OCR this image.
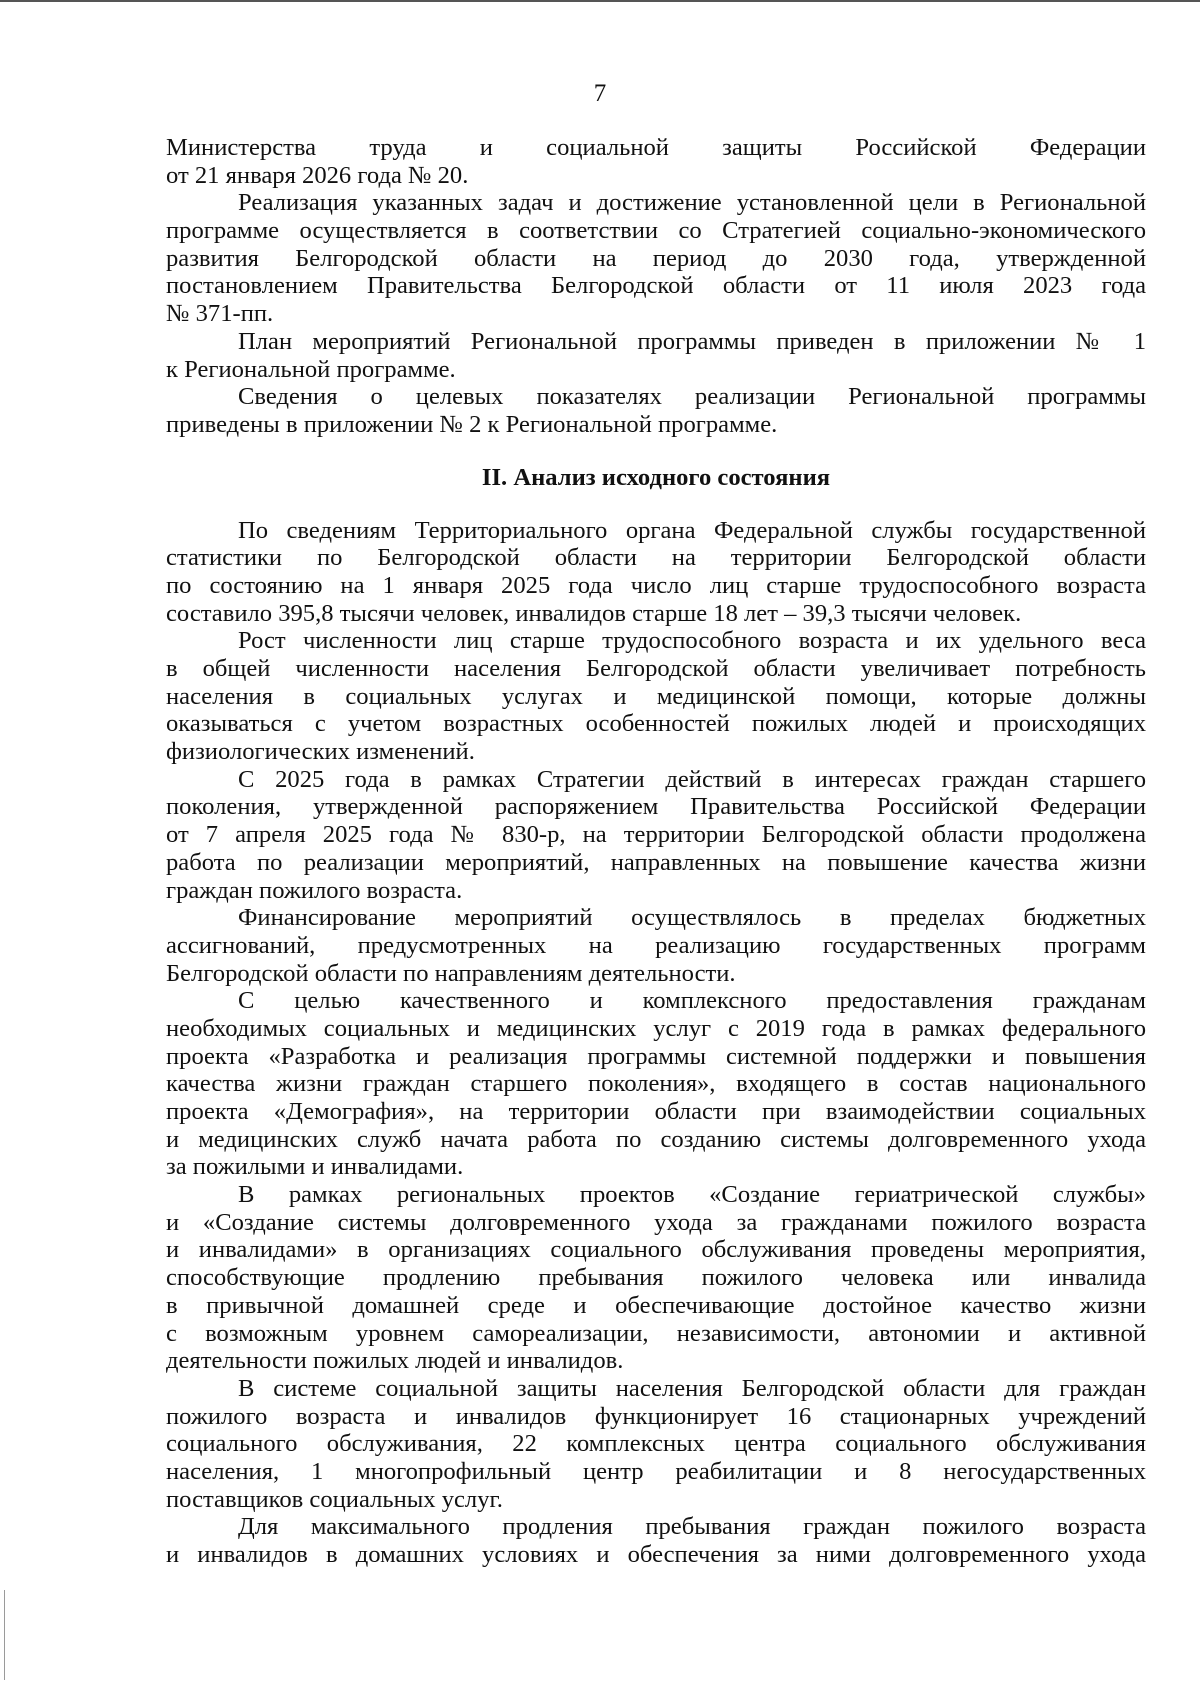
7
Министерства труда и социальной защиты Российской Федерации
от 21 января 2026 года № 20.
Реализация указанных задач и достижение установленной цели в Региональной
программе осуществляется в соответствии со Стратегией социально-экономического
развития Белгородской области на период до 2030 года, утвержденной
постановлением Правительства Белгородской области от 11 июля 2023 года
№ 371-пп.
План мероприятий Региональной программы приведен в приложении № 1
к Региональной программе.
Сведения о целевых показателях реализации Региональной программы
приведены в приложении № 2 к Региональной программе.
II. Анализ исходного состояния
По сведениям Территориального органа Федеральной службы государственной
статистики по Белгородской области на территории Белгородской области
по состоянию на 1 января 2025 года число лиц старше трудоспособного возраста
составило 395,8 тысячи человек, инвалидов старше 18 лет – 39,3 тысячи человек.
Рост численности лиц старше трудоспособного возраста и их удельного веса
в общей численности населения Белгородской области увеличивает потребность
населения в социальных услугах и медицинской помощи, которые должны
оказываться с учетом возрастных особенностей пожилых людей и происходящих
физиологических изменений.
С 2025 года в рамках Стратегии действий в интересах граждан старшего
поколения, утвержденной распоряжением Правительства Российской Федерации
от 7 апреля 2025 года № 830-р, на территории Белгородской области продолжена
работа по реализации мероприятий, направленных на повышение качества жизни
граждан пожилого возраста.
Финансирование мероприятий осуществлялось в пределах бюджетных
ассигнований, предусмотренных на реализацию государственных программ
Белгородской области по направлениям деятельности.
С целью качественного и комплексного предоставления гражданам
необходимых социальных и медицинских услуг с 2019 года в рамках федерального
проекта «Разработка и реализация программы системной поддержки и повышения
качества жизни граждан старшего поколения», входящего в состав национального
проекта «Демография», на территории области при взаимодействии социальных
и медицинских служб начата работа по созданию системы долговременного ухода
за пожилыми и инвалидами.
В рамках региональных проектов «Создание гериатрической службы»
и «Создание системы долговременного ухода за гражданами пожилого возраста
и инвалидами» в организациях социального обслуживания проведены мероприятия,
способствующие продлению пребывания пожилого человека или инвалида
в привычной домашней среде и обеспечивающие достойное качество жизни
с возможным уровнем самореализации, независимости, автономии и активной
деятельности пожилых людей и инвалидов.
В системе социальной защиты населения Белгородской области для граждан
пожилого возраста и инвалидов функционирует 16 стационарных учреждений
социального обслуживания, 22 комплексных центра социального обслуживания
населения, 1 многопрофильный центр реабилитации и 8 негосударственных
поставщиков социальных услуг.
Для максимального продления пребывания граждан пожилого возраста
и инвалидов в домашних условиях и обеспечения за ними долговременного ухода
